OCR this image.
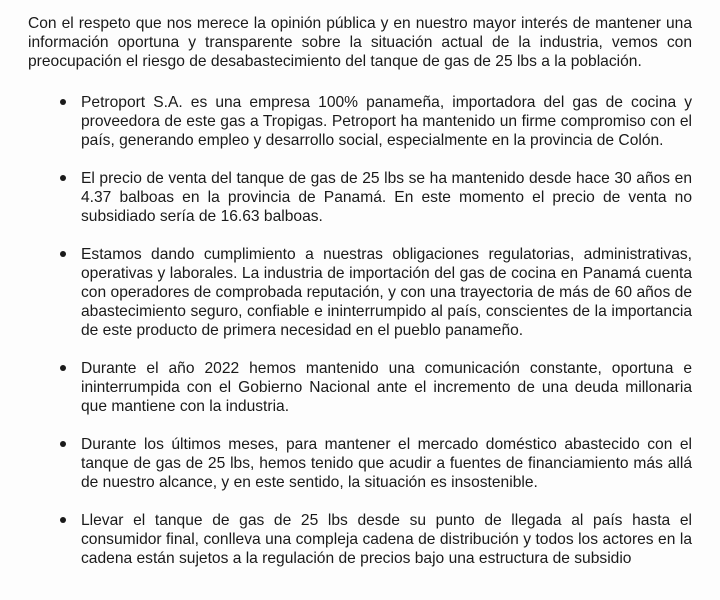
Con el respeto que nos merece la opinión pública y en nuestro mayor interés de mantener una información oportuna y transparente sobre la situación actual de la industria, vemos con preocupación el riesgo de desabastecimiento del tanque de gas de 25 lbs a la población.

Petroport S.A. es una empresa 100% panameña, importadora del gas de cocina y proveedora de este gas a Tropigas. Petroport ha mantenido un firme compromiso con el país, generando empleo y desarrollo social, especialmente en la provincia de Colón.
El precio de venta del tanque de gas de 25 lbs se ha mantenido desde hace 30 años en 4.37 balboas en la provincia de Panamá. En este momento el precio de venta no subsidiado sería de 16.63 balboas.
Estamos dando cumplimiento a nuestras obligaciones regulatorias, administrativas, operativas y laborales. La industria de importación del gas de cocina en Panamá cuenta con operadores de comprobada reputación, y con una trayectoria de más de 60 años de abastecimiento seguro, confiable e ininterrumpido al país, conscientes de la importancia de este producto de primera necesidad en el pueblo panameño.
Durante el año 2022 hemos mantenido una comunicación constante, oportuna e ininterrumpida con el Gobierno Nacional ante el incremento de una deuda millonaria que mantiene con la industria.
Durante los últimos meses, para mantener el mercado doméstico abastecido con el tanque de gas de 25 lbs, hemos tenido que acudir a fuentes de financiamiento más allá de nuestro alcance, y en este sentido, la situación es insostenible.
Llevar el tanque de gas de 25 lbs desde su punto de llegada al país hasta el consumidor final, conlleva una compleja cadena de distribución y todos los actores en la cadena están sujetos a la regulación de precios bajo una estructura de subsidio
